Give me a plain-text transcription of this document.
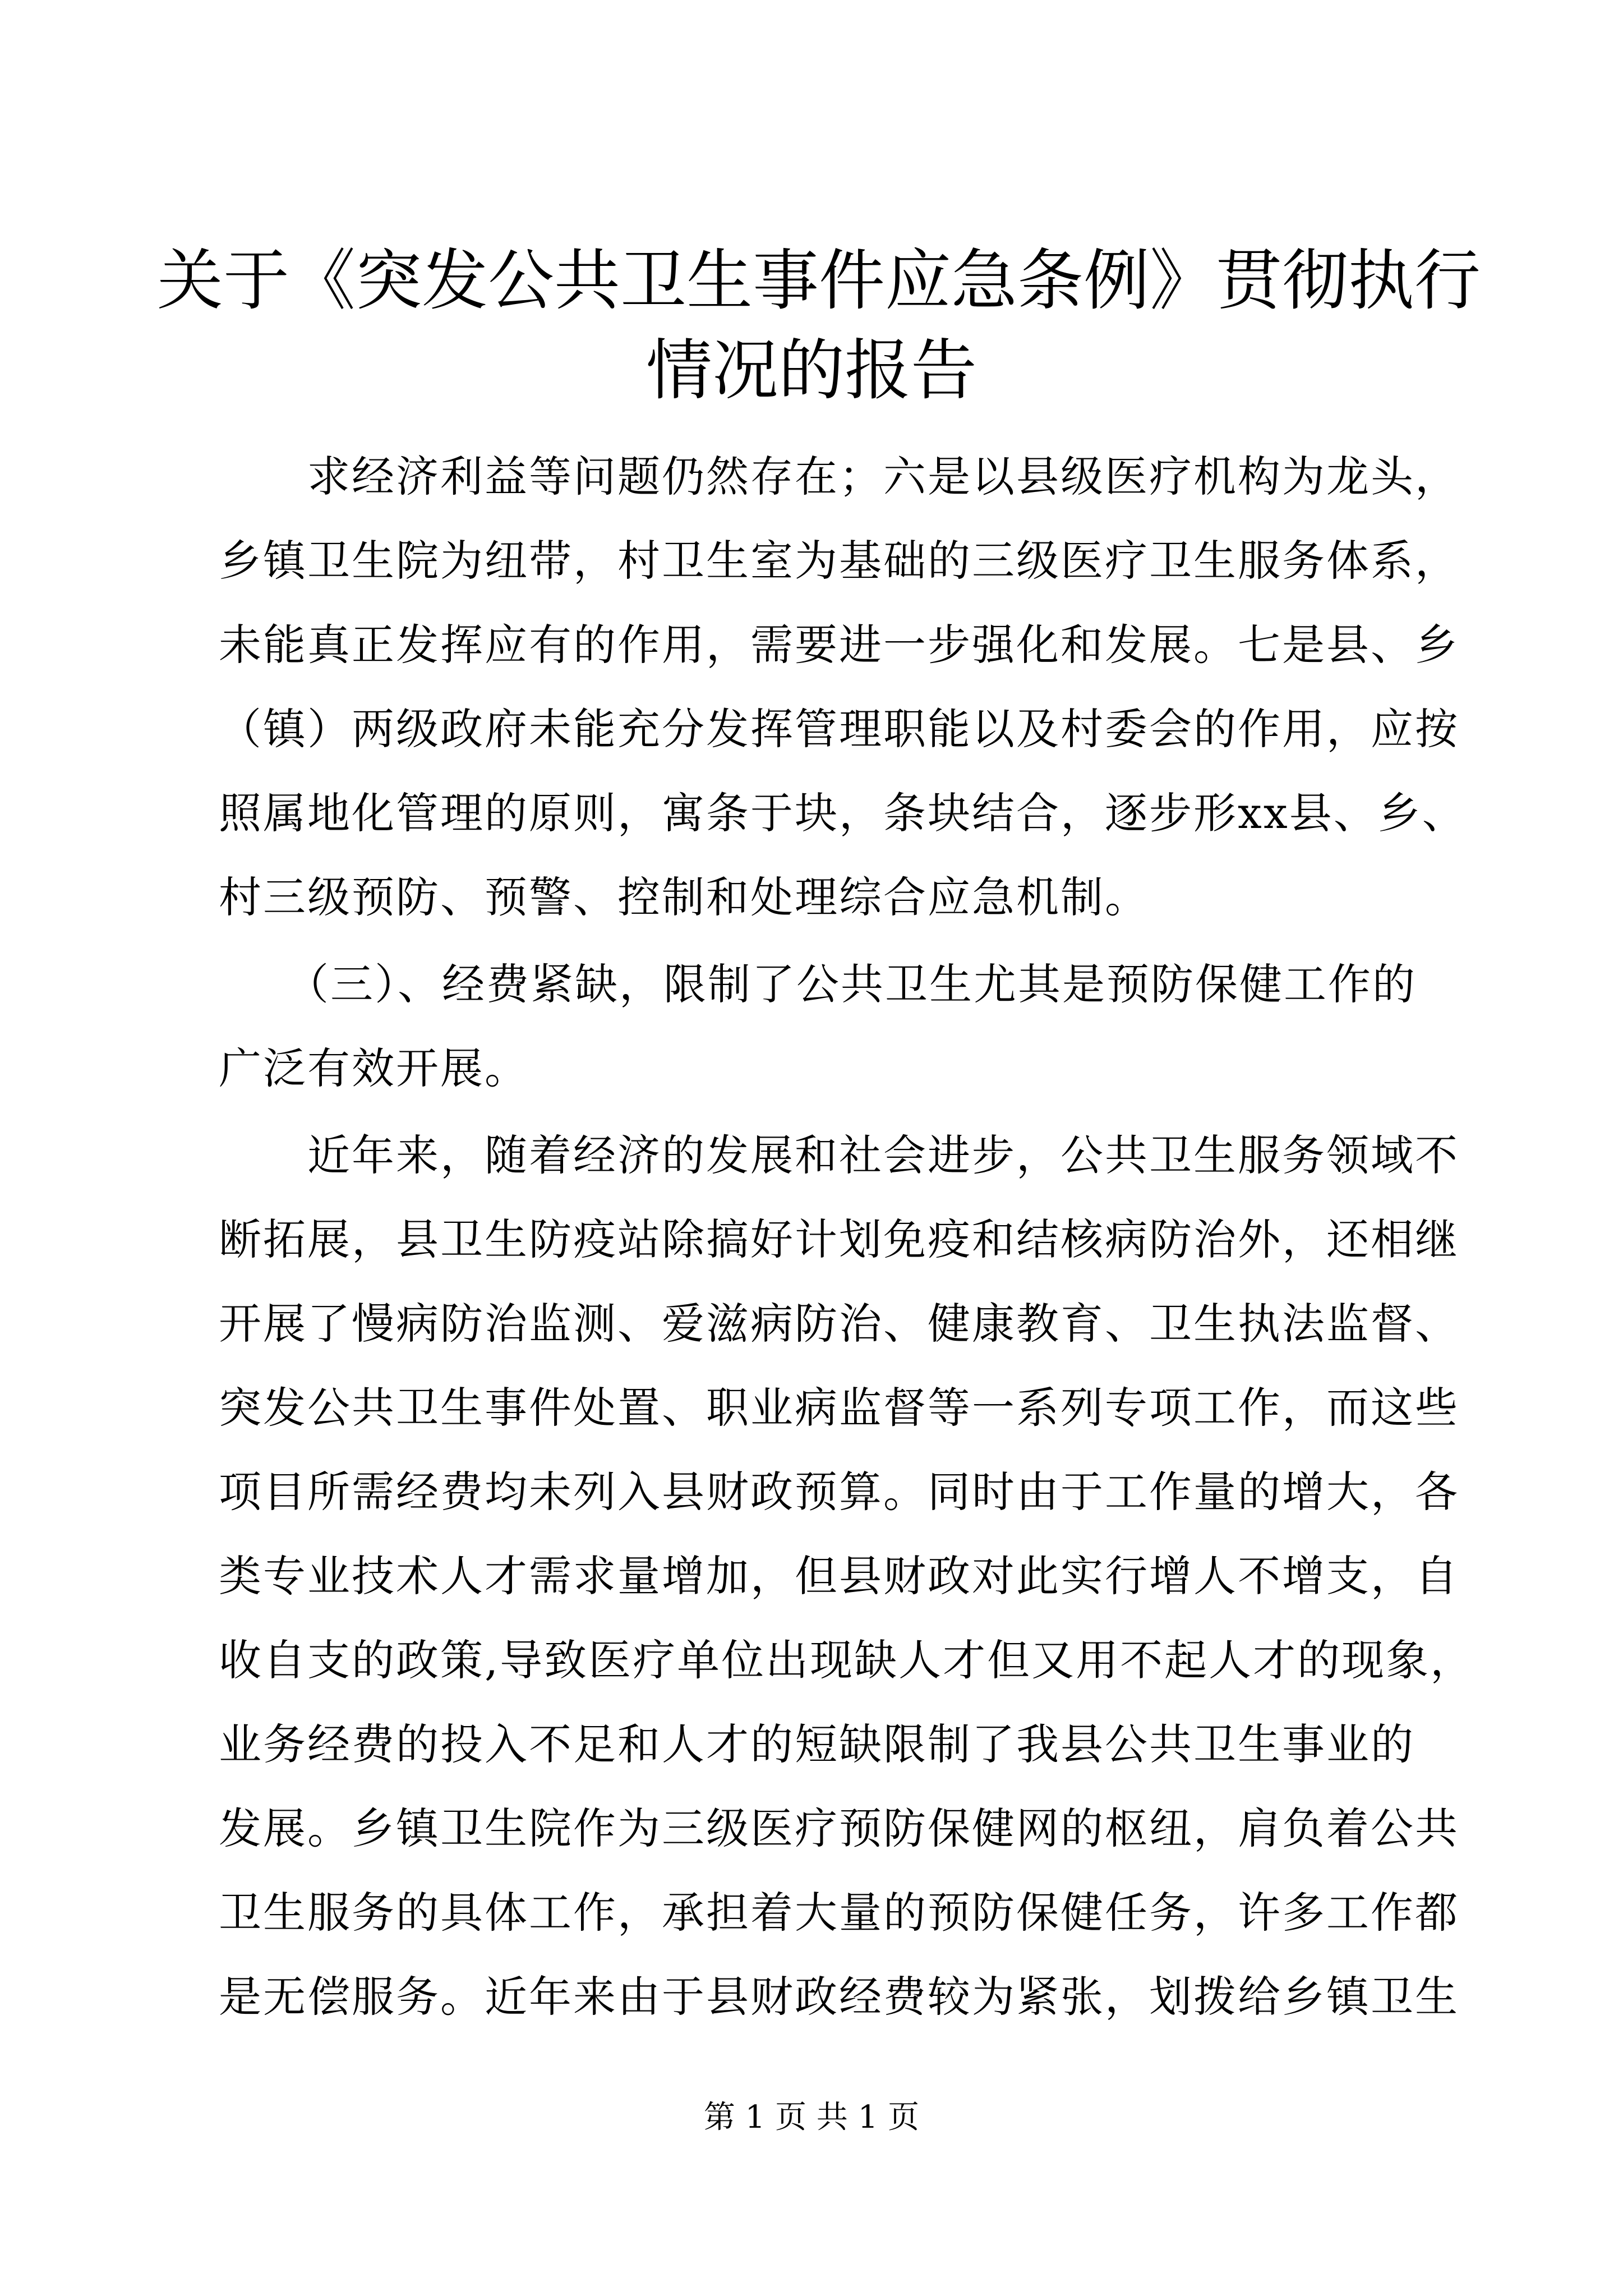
关于《突发公共卫生事件应急条例》贯彻执行
情况的报告
　　求经济利益等问题仍然存在；六是以县级医疗机构为龙头，
乡镇卫生院为纽带，村卫生室为基础的三级医疗卫生服务体系，
未能真正发挥应有的作用，需要进一步强化和发展。七是县、乡
（镇）两级政府未能充分发挥管理职能以及村委会的作用，应按
照属地化管理的原则，寓条于块，条块结合，逐步形xx县、乡、
村三级预防、预警、控制和处理综合应急机制。
　　（三）、经费紧缺，限制了公共卫生尤其是预防保健工作的
广泛有效开展。
　　近年来，随着经济的发展和社会进步，公共卫生服务领域不
断拓展，县卫生防疫站除搞好计划免疫和结核病防治外，还相继
开展了慢病防治监测、爱滋病防治、健康教育、卫生执法监督、
突发公共卫生事件处置、职业病监督等一系列专项工作，而这些
项目所需经费均未列入县财政预算。同时由于工作量的增大，各
类专业技术人才需求量增加，但县财政对此实行增人不增支，自
收自支的政策,导致医疗单位出现缺人才但又用不起人才的现象，
业务经费的投入不足和人才的短缺限制了我县公共卫生事业的
发展。乡镇卫生院作为三级医疗预防保健网的枢纽，肩负着公共
卫生服务的具体工作，承担着大量的预防保健任务，许多工作都
是无偿服务。近年来由于县财政经费较为紧张，划拨给乡镇卫生
第 1 页 共 1 页
